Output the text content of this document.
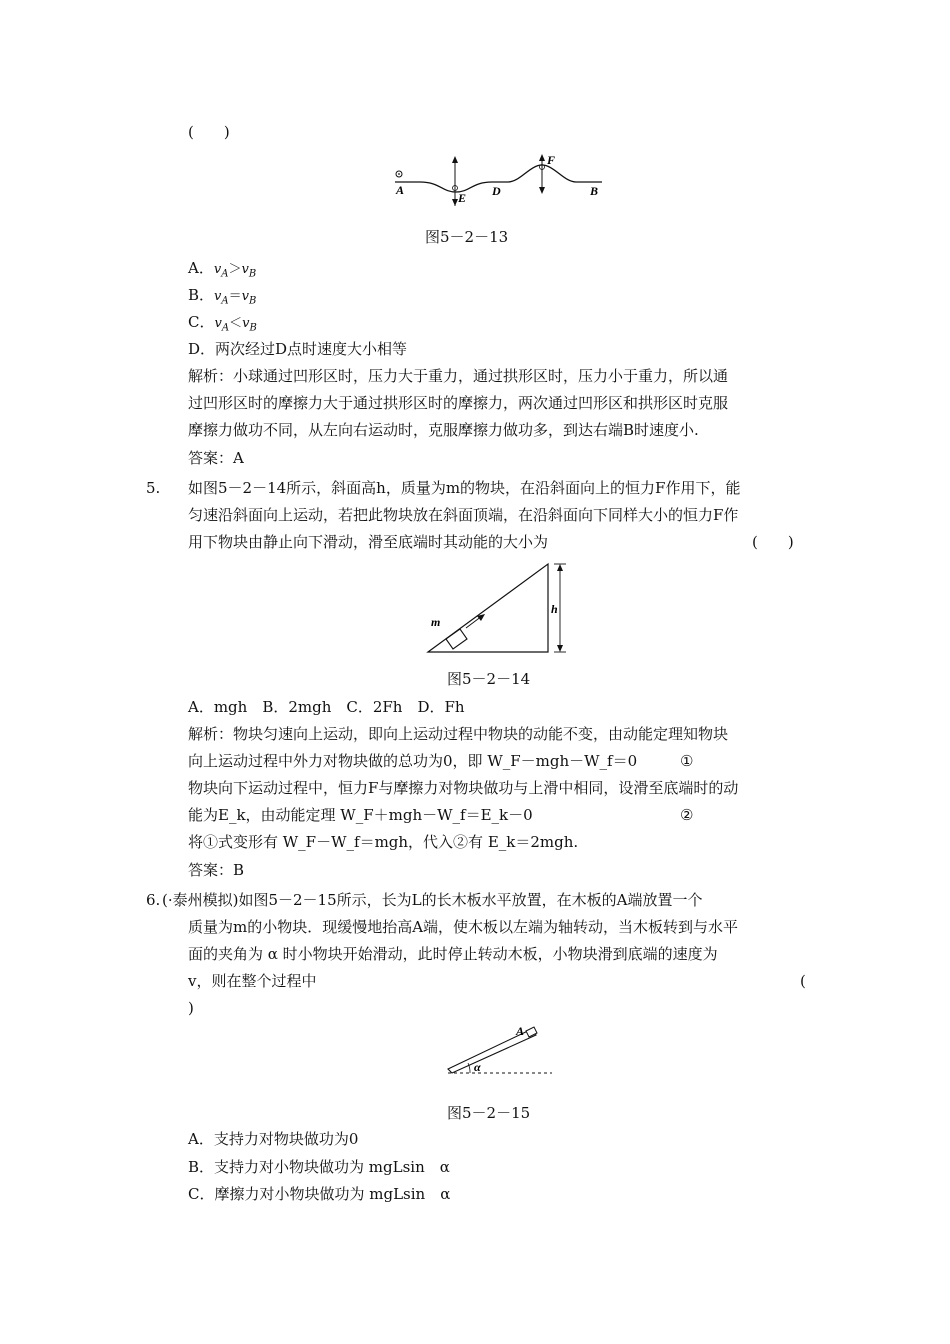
(　　)
A
E D
F
B
图5－2－13
A．$v_A>v_B$
B．$v_A=v_B$
C．$v_A<v_B$
D．两次经过D点时速度大小相等
解析：小球通过凹形区时，压力大于重力，通过拱形区时，压力小于重力，所以通
过凹形区时的摩擦力大于通过拱形区时的摩擦力，两次通过凹形区和拱形区时克服
摩擦力做功不同，从左向右运动时，克服摩擦力做功多，到达右端B时速度小.
答案：A
5. 如图5－2－14所示，斜面高h，质量为m的物块，在沿斜面向上的恒力F作用下，能
匀速沿斜面向上运动，若把此物块放在斜面顶端，在沿斜面向下同样大小的恒力F作
用下物块由静止向下滑动，滑至底端时其动能的大小为	(　　)
m
h
图5－2－14
A．mgh　B．2mgh　C．2Fh　D．Fh
解析：物块匀速向上运动，即向上运动过程中物块的动能不变，由动能定理知物块
向上运动过程中外力对物块做的总功为0，即 W_F－mgh－W_f＝0	①
物块向下运动过程中，恒力F与摩擦力对物块做功与上滑中相同，设滑至底端时的动
能为E_k，由动能定理 W_F＋mgh－W_f＝E_k－0	②
将①式变形有 W_F－W_f＝mgh，代入②有 E_k＝2mgh.
答案：B
6. (·泰州模拟)如图5－2－15所示，长为L的长木板水平放置，在木板的A端放置一个
质量为m的小物块．现缓慢地抬高A端，使木板以左端为轴转动，当木板转到与水平
面的夹角为 α 时小物块开始滑动，此时停止转动木板，小物块滑到底端的速度为
v，则在整个过程中	(
)
A
α
图5－2－15
A．支持力对物块做功为0
B．支持力对小物块做功为 mgLsin　α
C．摩擦力对小物块做功为 mgLsin　α
